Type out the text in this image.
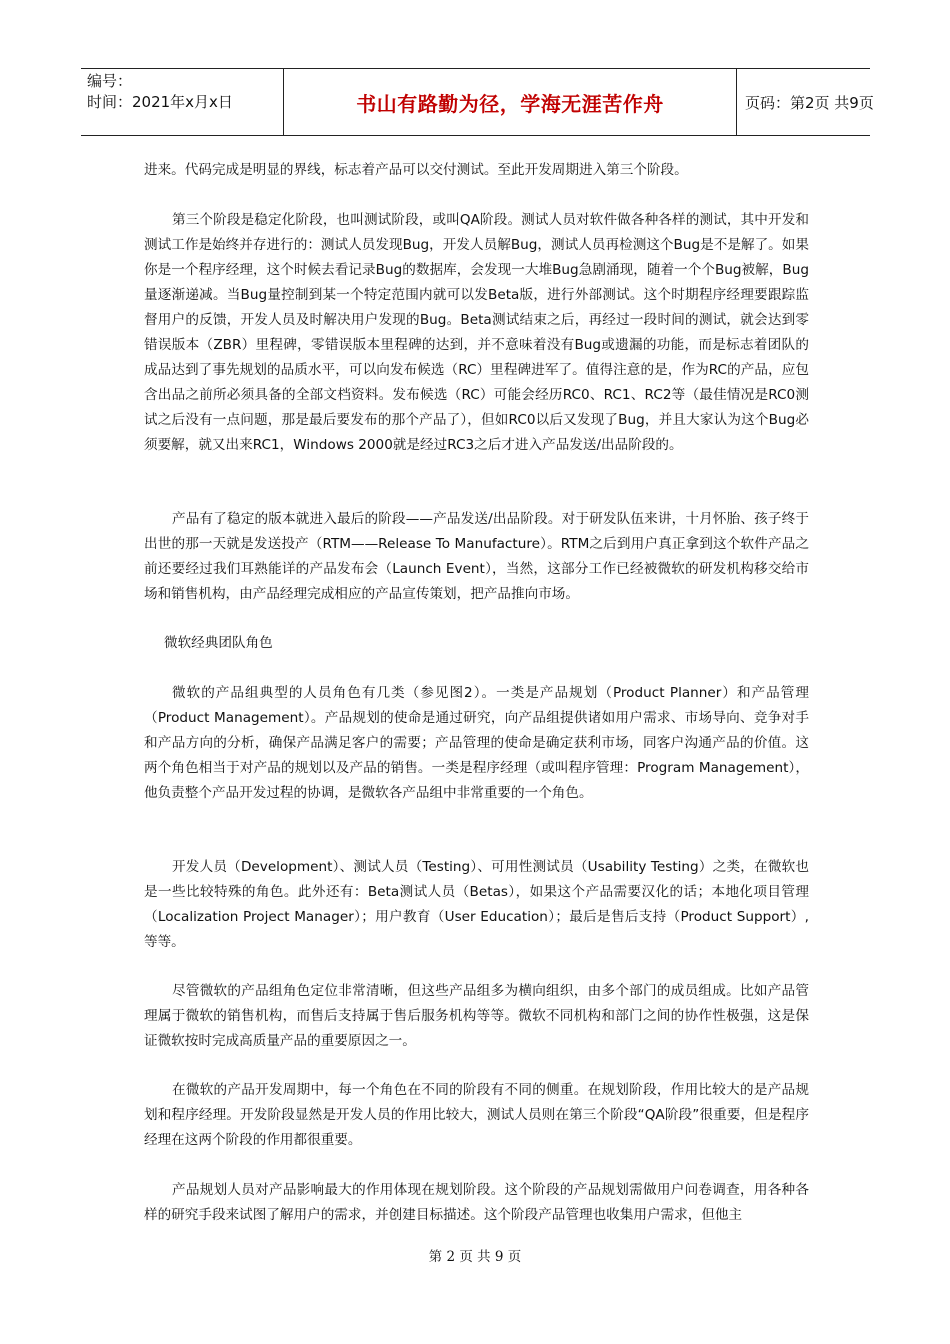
编号：
时间：2021年x月x日	书山有路勤为径，学海无涯苦作舟	页码：第2页 共9页

进来。代码完成是明显的界线，标志着产品可以交付测试。至此开发周期进入第三个阶段。

第三个阶段是稳定化阶段，也叫测试阶段，或叫QA阶段。测试人员对软件做各种各样的测试，其中开发和测试工作是始终并存进行的：测试人员发现Bug，开发人员解Bug，测试人员再检测这个Bug是不是解了。如果你是一个程序经理，这个时候去看记录Bug的数据库，会发现一大堆Bug急剧涌现，随着一个个Bug被解，Bug量逐渐递减。当Bug量控制到某一个特定范围内就可以发Beta版，进行外部测试。这个时期程序经理要跟踪监督用户的反馈，开发人员及时解决用户发现的Bug。Beta测试结束之后，再经过一段时间的测试，就会达到零错误版本（ZBR）里程碑，零错误版本里程碑的达到，并不意味着没有Bug或遗漏的功能，而是标志着团队的成品达到了事先规划的品质水平，可以向发布候选（RC）里程碑进军了。值得注意的是，作为RC的产品，应包含出品之前所必须具备的全部文档资料。发布候选（RC）可能会经历RC0、RC1、RC2等（最佳情况是RC0测试之后没有一点问题，那是最后要发布的那个产品了），但如RC0以后又发现了Bug，并且大家认为这个Bug必须要解，就又出来RC1，Windows 2000就是经过RC3之后才进入产品发送/出品阶段的。

产品有了稳定的版本就进入最后的阶段——产品发送/出品阶段。对于研发队伍来讲，十月怀胎、孩子终于出世的那一天就是发送投产（RTM——Release To Manufacture）。RTM之后到用户真正拿到这个软件产品之前还要经过我们耳熟能详的产品发布会（Launch Event），当然，这部分工作已经被微软的研发机构移交给市场和销售机构，由产品经理完成相应的产品宣传策划，把产品推向市场。

微软经典团队角色

微软的产品组典型的人员角色有几类（参见图2）。一类是产品规划（Product Planner）和产品管理（Product Management）。产品规划的使命是通过研究，向产品组提供诸如用户需求、市场导向、竞争对手和产品方向的分析，确保产品满足客户的需要；产品管理的使命是确定获利市场，同客户沟通产品的价值。这两个角色相当于对产品的规划以及产品的销售。一类是程序经理（或叫程序管理：Program Management），他负责整个产品开发过程的协调，是微软各产品组中非常重要的一个角色。

开发人员（Development）、测试人员（Testing）、可用性测试员（Usability Testing）之类，在微软也是一些比较特殊的角色。此外还有：Beta测试人员（Betas），如果这个产品需要汉化的话；本地化项目管理（Localization Project Manager）；用户教育（User Education）；最后是售后支持（Product Support）,等等。

尽管微软的产品组角色定位非常清晰，但这些产品组多为横向组织，由多个部门的成员组成。比如产品管理属于微软的销售机构，而售后支持属于售后服务机构等等。微软不同机构和部门之间的协作性极强，这是保证微软按时完成高质量产品的重要原因之一。

在微软的产品开发周期中，每一个角色在不同的阶段有不同的侧重。在规划阶段，作用比较大的是产品规划和程序经理。开发阶段显然是开发人员的作用比较大，测试人员则在第三个阶段“QA阶段”很重要，但是程序经理在这两个阶段的作用都很重要。

产品规划人员对产品影响最大的作用体现在规划阶段。这个阶段的产品规划需做用户问卷调查，用各种各样的研究手段来试图了解用户的需求，并创建目标描述。这个阶段产品管理也收集用户需求，但他主

第 2 页 共 9 页
